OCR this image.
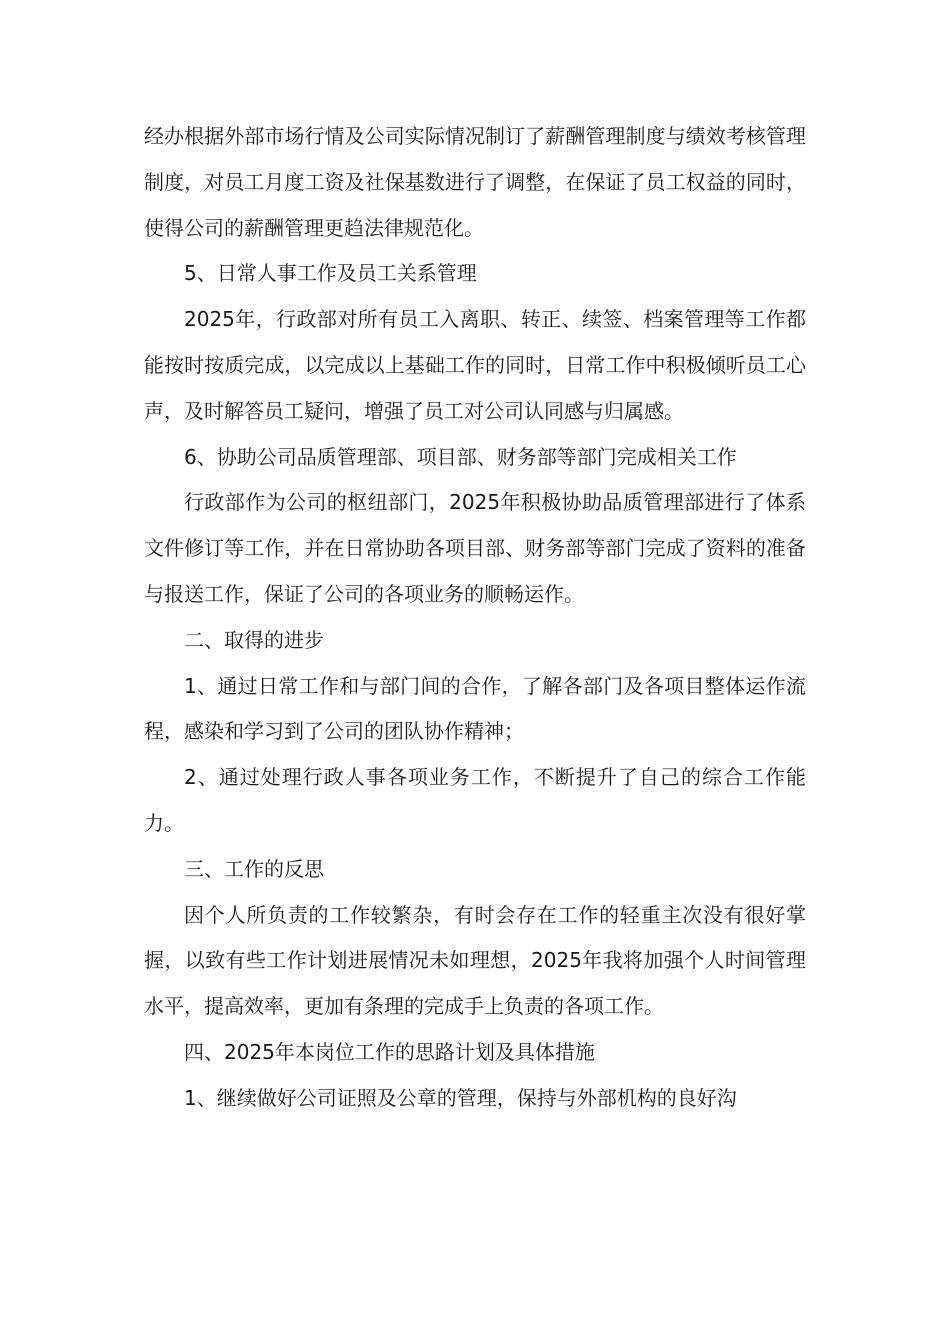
经办根据外部市场行情及公司实际情况制订了薪酬管理制度与绩效考核管理制度，对员工月度工资及社保基数进行了调整，在保证了员工权益的同时，使得公司的薪酬管理更趋法律规范化。

5、日常人事工作及员工关系管理

2025年，行政部对所有员工入离职、转正、续签、档案管理等工作都能按时按质完成，以完成以上基础工作的同时，日常工作中积极倾听员工心声，及时解答员工疑问，增强了员工对公司认同感与归属感。

6、协助公司品质管理部、项目部、财务部等部门完成相关工作

行政部作为公司的枢纽部门，2025年积极协助品质管理部进行了体系文件修订等工作，并在日常协助各项目部、财务部等部门完成了资料的准备与报送工作，保证了公司的各项业务的顺畅运作。

二、取得的进步

1、通过日常工作和与部门间的合作，了解各部门及各项目整体运作流程，感染和学习到了公司的团队协作精神；

2、通过处理行政人事各项业务工作，不断提升了自己的综合工作能力。

三、工作的反思

因个人所负责的工作较繁杂，有时会存在工作的轻重主次没有很好掌握，以致有些工作计划进展情况未如理想，2025年我将加强个人时间管理水平，提高效率，更加有条理的完成手上负责的各项工作。

四、2025年本岗位工作的思路计划及具体措施

1、继续做好公司证照及公章的管理，保持与外部机构的良好沟
